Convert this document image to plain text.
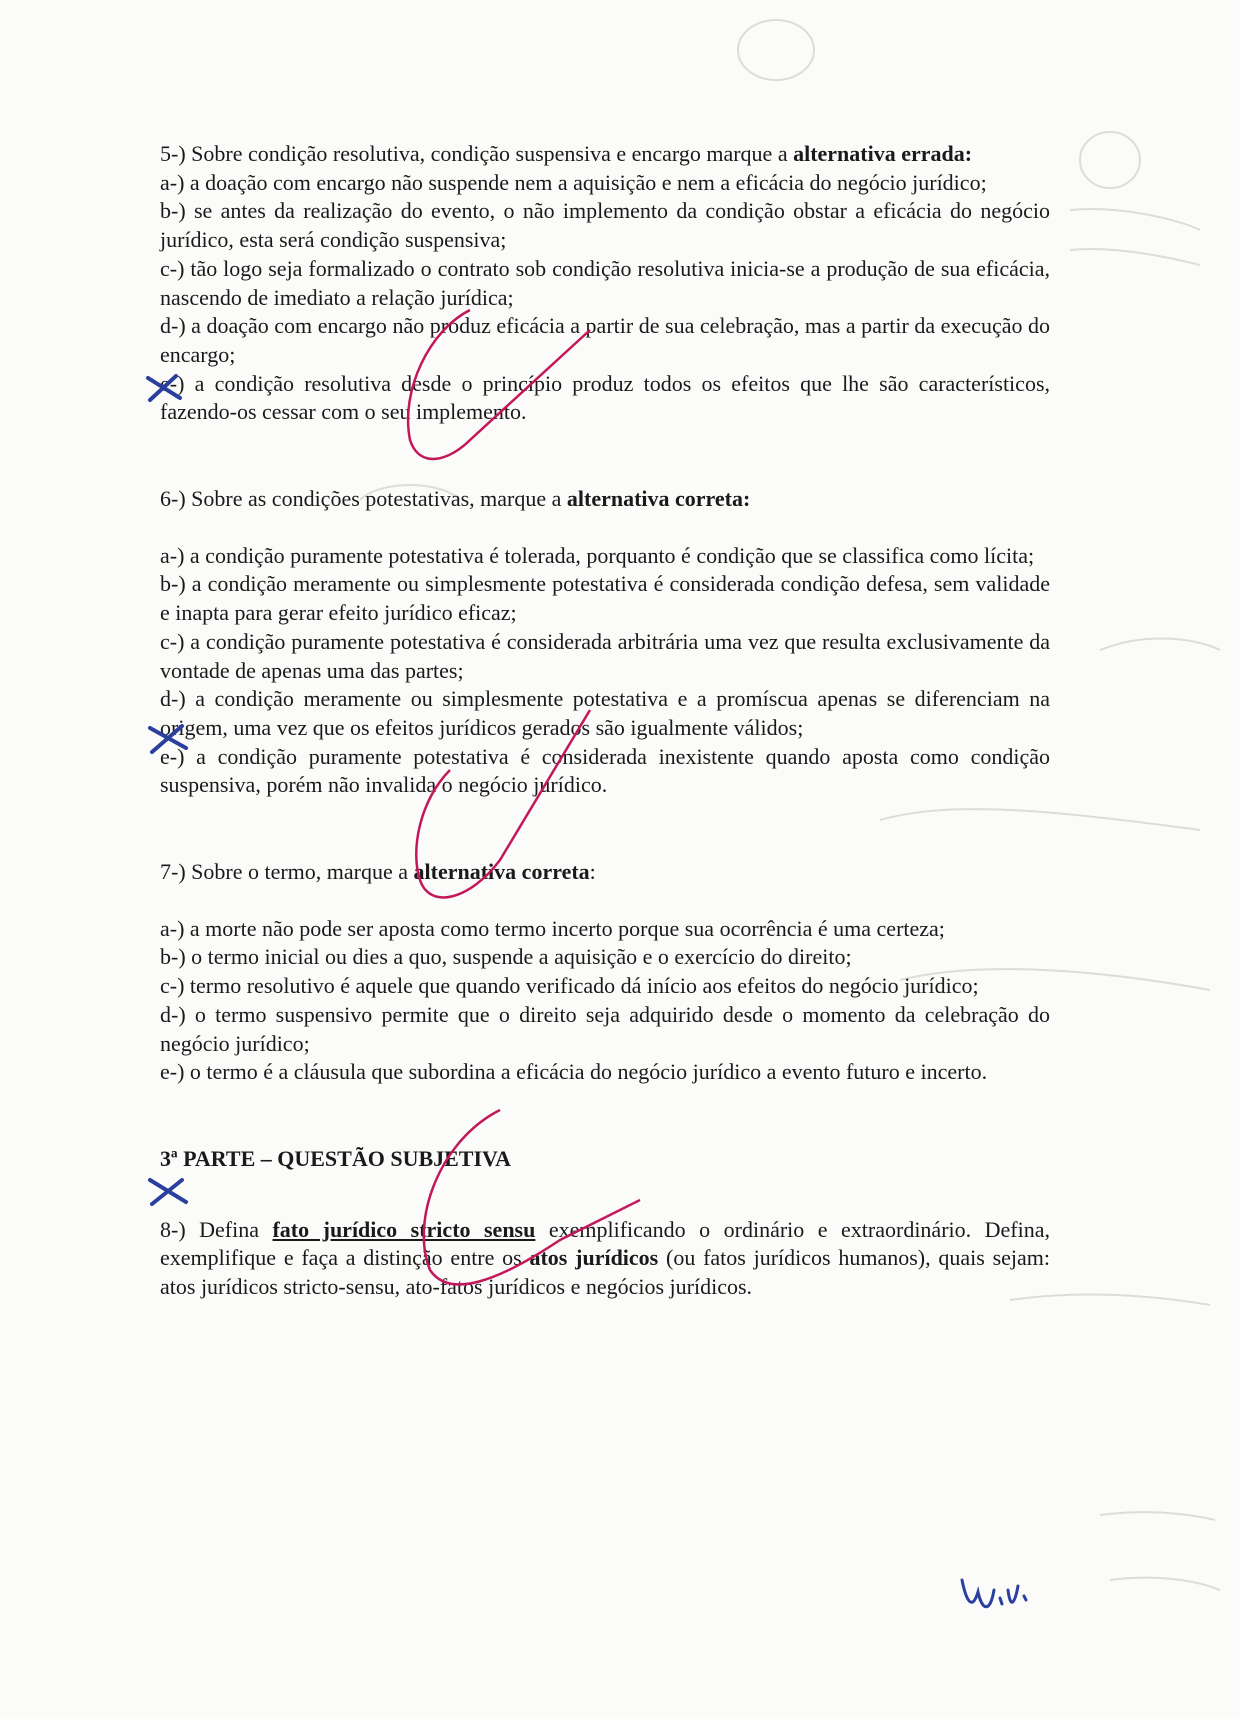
5-) Sobre condição resolutiva, condição suspensiva e encargo marque a alternativa errada:

a-) a doação com encargo não suspende nem a aquisição e nem a eficácia do negócio jurídico;

b-) se antes da realização do evento, o não implemento da condição obstar a eficácia do negócio jurídico, esta será condição suspensiva;

c-) tão logo seja formalizado o contrato sob condição resolutiva inicia-se a produção de sua eficácia, nascendo de imediato a relação jurídica;

d-) a doação com encargo não produz eficácia a partir de sua celebração, mas a partir da execução do encargo;

e-) a condição resolutiva desde o princípio produz todos os efeitos que lhe são característicos, fazendo-os cessar com o seu implemento.

6-) Sobre as condições potestativas, marque a alternativa correta:

a-) a condição puramente potestativa é tolerada, porquanto é condição que se classifica como lícita;

b-) a condição meramente ou simplesmente potestativa é considerada condição defesa, sem validade e inapta para gerar efeito jurídico eficaz;

c-) a condição puramente potestativa é considerada arbitrária uma vez que resulta exclusivamente da vontade de apenas uma das partes;

d-) a condição meramente ou simplesmente potestativa e a promíscua apenas se diferenciam na origem, uma vez que os efeitos jurídicos gerados são igualmente válidos;

e-) a condição puramente potestativa é considerada inexistente quando aposta como condição suspensiva, porém não invalida o negócio jurídico.

7-) Sobre o termo, marque a alternativa correta:

a-) a morte não pode ser aposta como termo incerto porque sua ocorrência é uma certeza;

b-) o termo inicial ou dies a quo, suspende a aquisição e o exercício do direito;

c-) termo resolutivo é aquele que quando verificado dá início aos efeitos do negócio jurídico;

d-) o termo suspensivo permite que o direito seja adquirido desde o momento da celebração do negócio jurídico;

e-) o termo é a cláusula que subordina a eficácia do negócio jurídico a evento futuro e incerto.

3ª PARTE – QUESTÃO SUBJETIVA

8-) Defina fato jurídico stricto sensu exemplificando o ordinário e extraordinário. Defina, exemplifique e faça a distinção entre os atos jurídicos (ou fatos jurídicos humanos), quais sejam: atos jurídicos stricto-sensu, ato-fatos jurídicos e negócios jurídicos.
